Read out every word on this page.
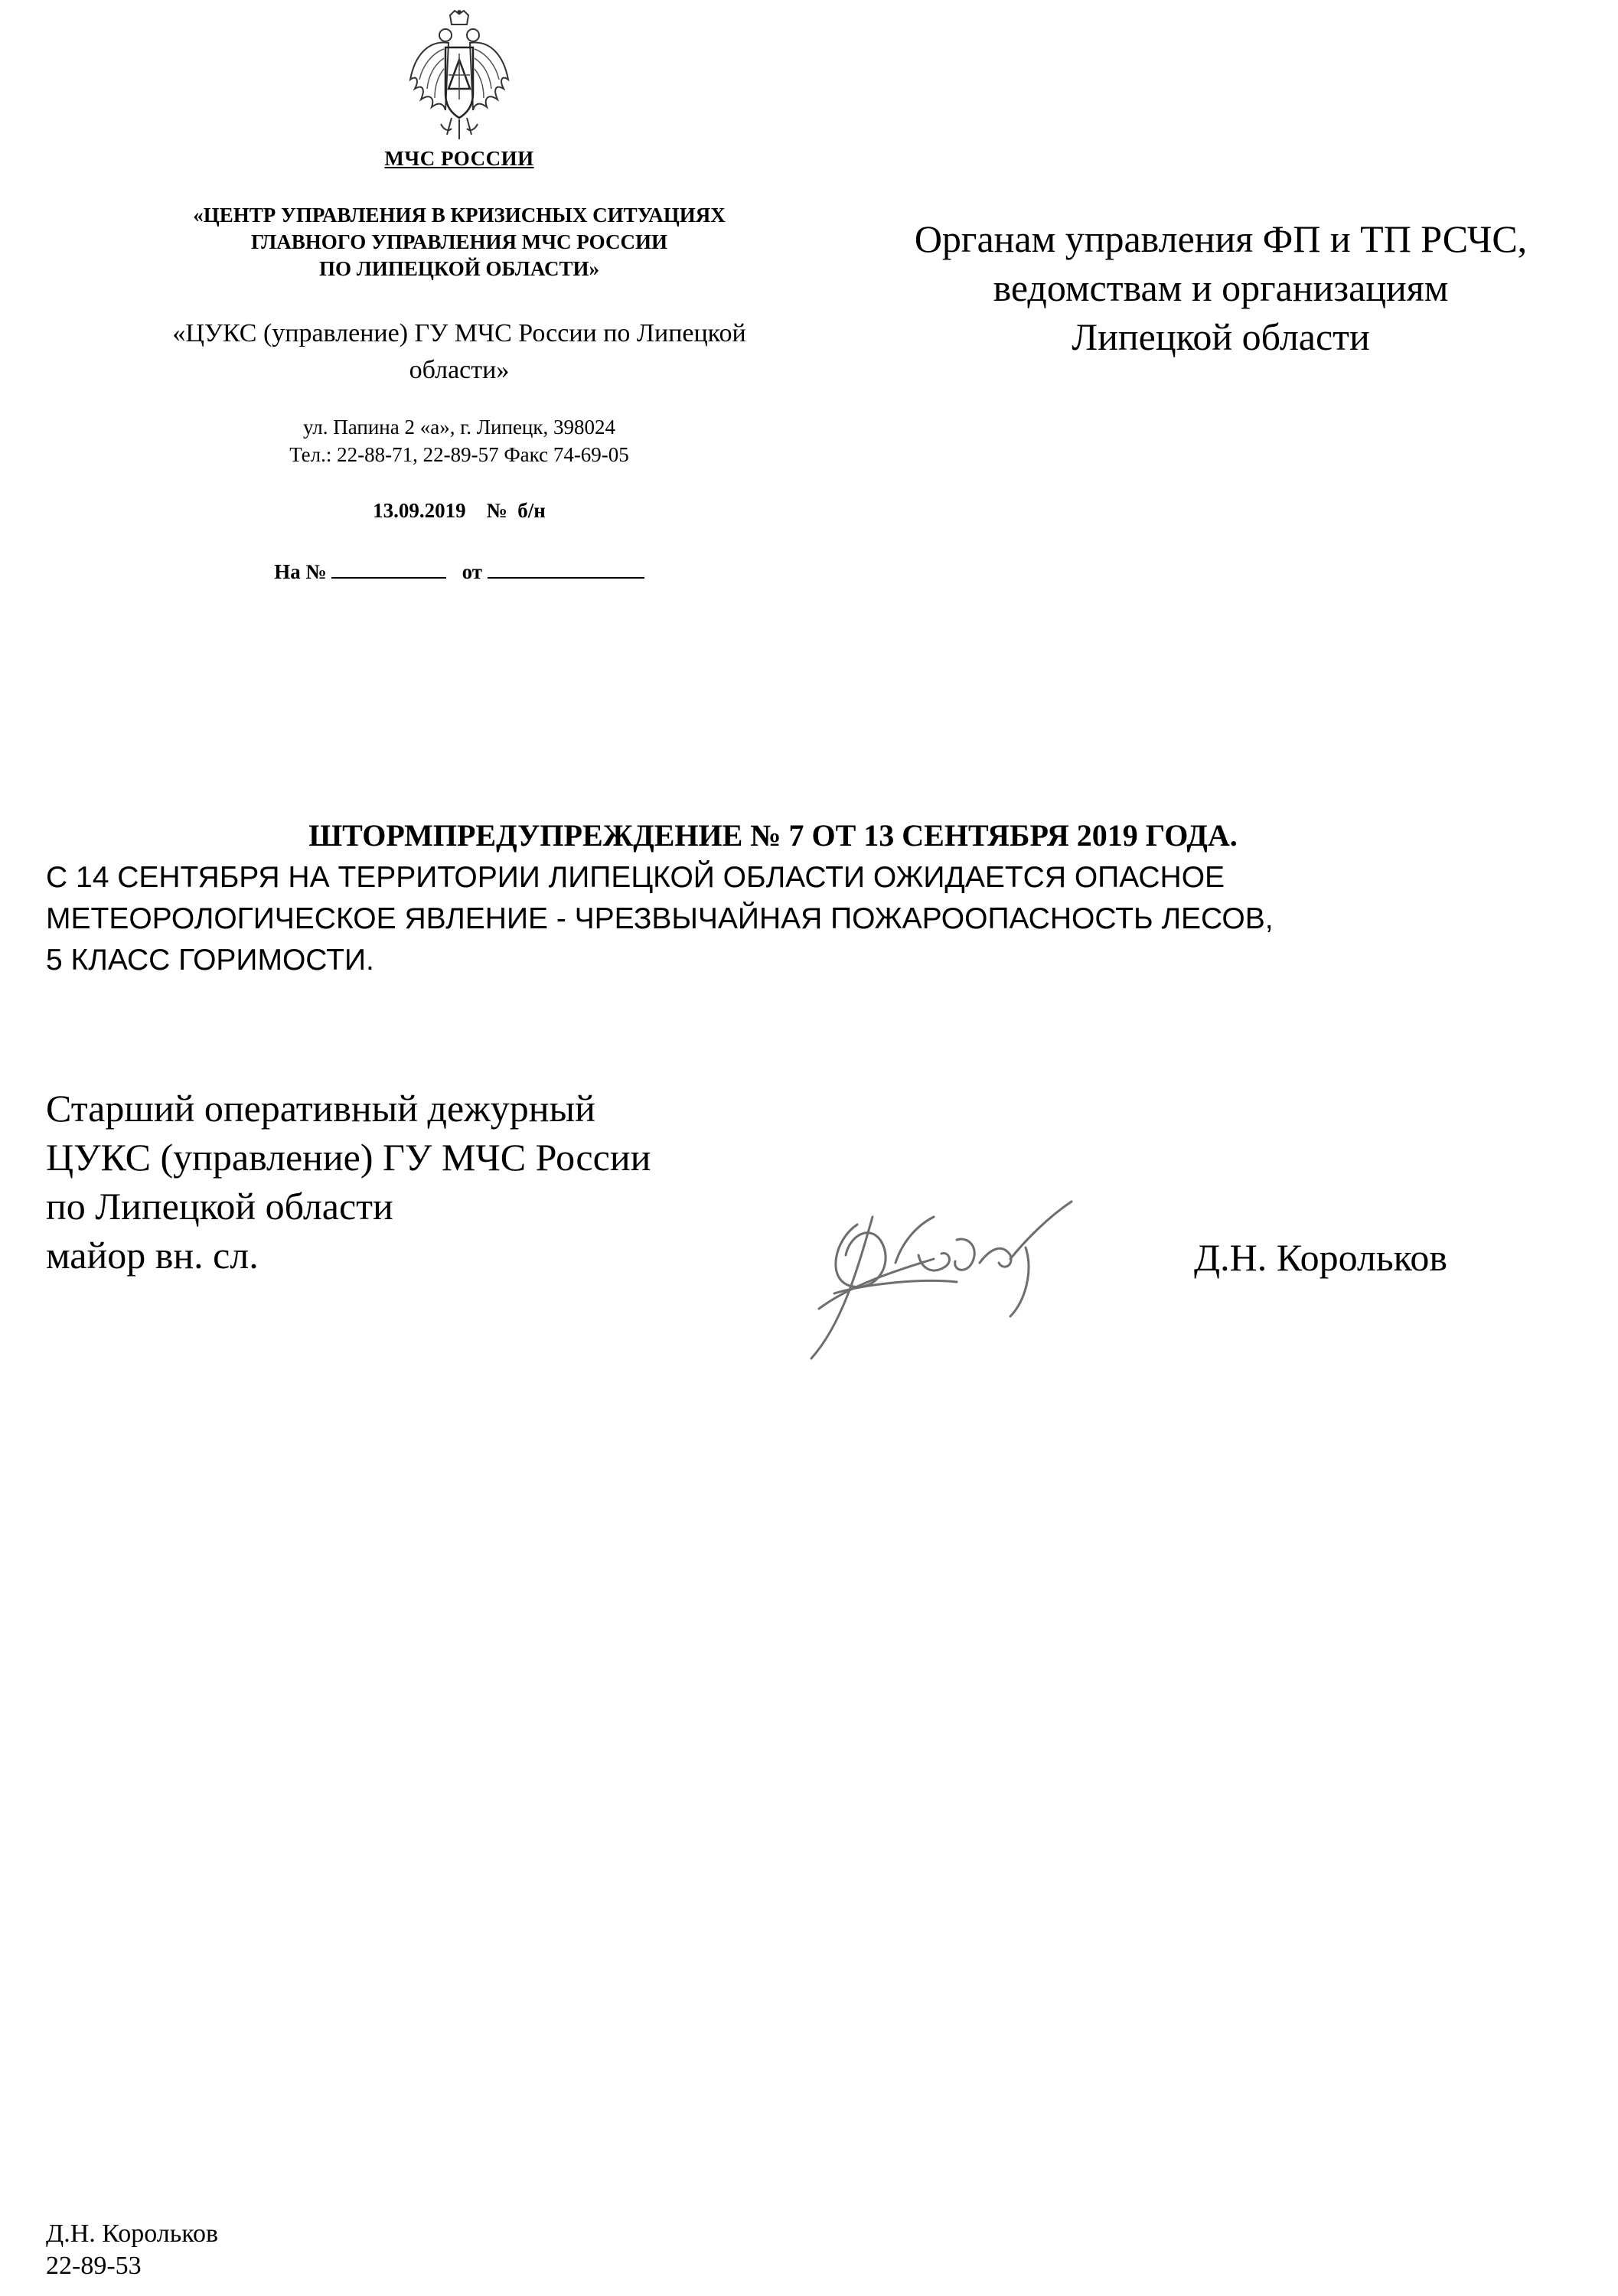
МЧС РОССИИ
«ЦЕНТР УПРАВЛЕНИЯ В КРИЗИСНЫХ СИТУАЦИЯХ
ГЛАВНОГО УПРАВЛЕНИЯ МЧС РОССИИ
ПО ЛИПЕЦКОЙ ОБЛАСТИ»
«ЦУКС (управление) ГУ МЧС России по Липецкой
области»
ул. Папина 2 «а», г. Липецк, 398024
Тел.: 22-88-71, 22-89-57 Факс 74-69-05
13.09.2019 № б/н
На №	от
Органам управления ФП и ТП РСЧС,
ведомствам и организациям
Липецкой области
ШТОРМПРЕДУПРЕЖДЕНИЕ № 7 ОТ 13 СЕНТЯБРЯ 2019 ГОДА.
С 14 СЕНТЯБРЯ НА ТЕРРИТОРИИ ЛИПЕЦКОЙ ОБЛАСТИ ОЖИДАЕТСЯ ОПАСНОЕ
МЕТЕОРОЛОГИЧЕСКОЕ ЯВЛЕНИЕ - ЧРЕЗВЫЧАЙНАЯ ПОЖАРООПАСНОСТЬ ЛЕСОВ,
5 КЛАСС ГОРИМОСТИ.
Старший оперативный дежурный
ЦУКС (управление) ГУ МЧС России
по Липецкой области
майор вн. сл.	Д.Н. Корольков
Д.Н. Корольков
22-89-53
